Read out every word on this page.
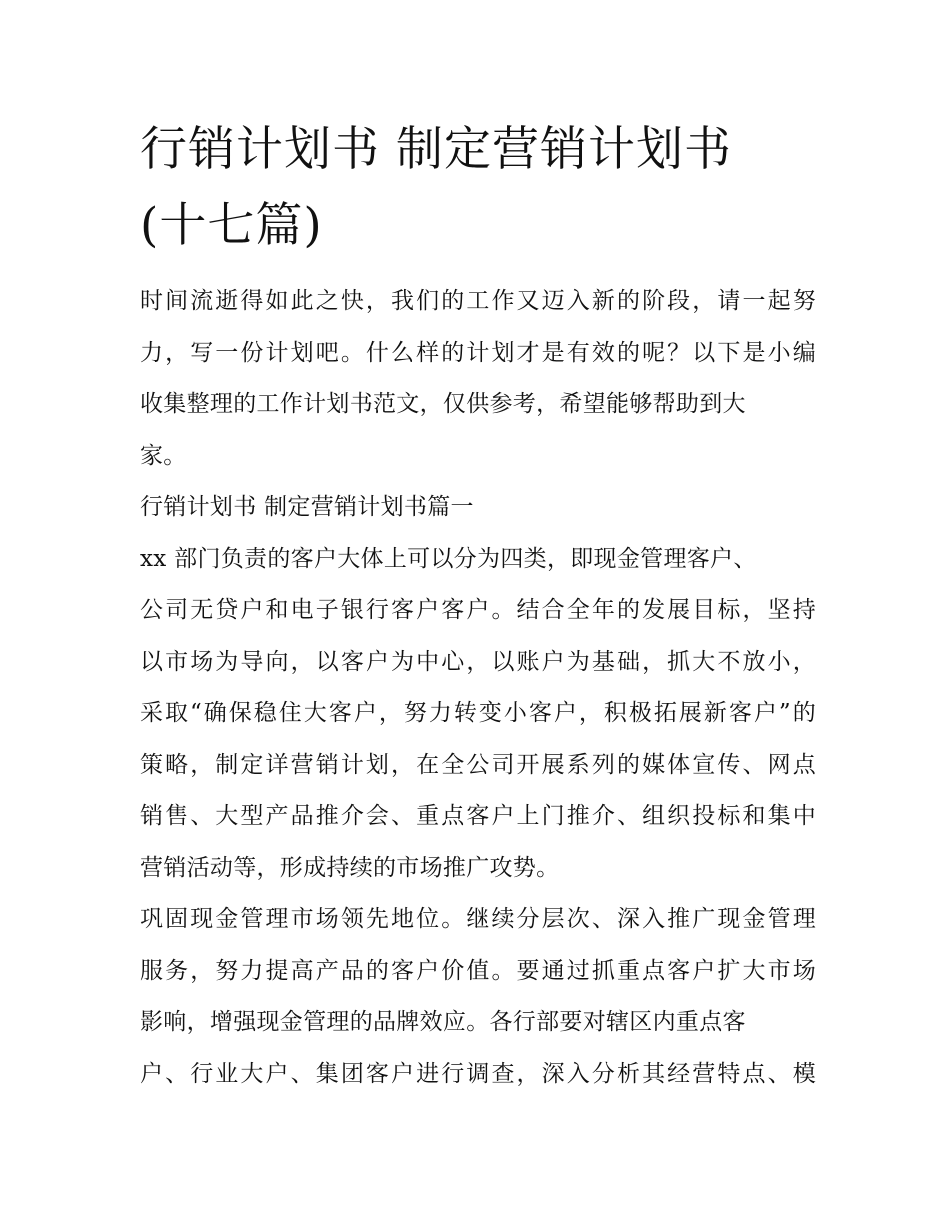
行销计划书 制定营销计划书
(十七篇)
时间流逝得如此之快，我们的工作又迈入新的阶段，请一起努
力，写一份计划吧。什么样的计划才是有效的呢？以下是小编
收集整理的工作计划书范文，仅供参考，希望能够帮助到大
家。
行销计划书 制定营销计划书篇一
xx 部门负责的客户大体上可以分为四类，即现金管理客户、
公司无贷户和电子银行客户客户。结合全年的发展目标，坚持
以市场为导向，以客户为中心，以账户为基础，抓大不放小，
采取“确保稳住大客户，努力转变小客户，积极拓展新客户”的
策略，制定详营销计划，在全公司开展系列的媒体宣传、网点
销售、大型产品推介会、重点客户上门推介、组织投标和集中
营销活动等，形成持续的市场推广攻势。
巩固现金管理市场领先地位。继续分层次、深入推广现金管理
服务，努力提高产品的客户价值。要通过抓重点客户扩大市场
影响，增强现金管理的品牌效应。各行部要对辖区内重点客
户、行业大户、集团客户进行调查，深入分析其经营特点、模
